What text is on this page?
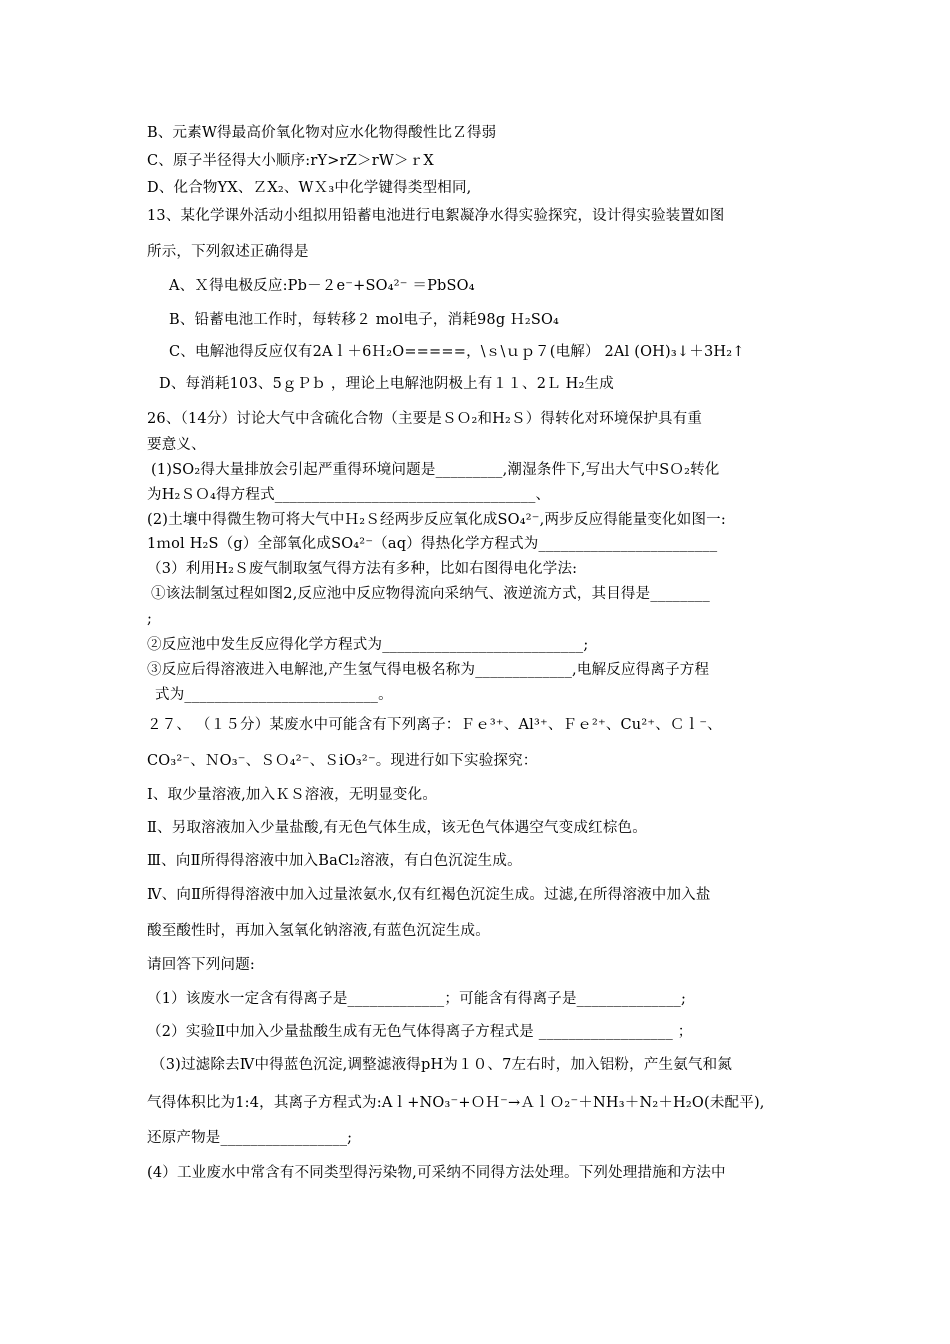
B、元素W得最高价氧化物对应水化物得酸性比Ｚ得弱
C、原子半径得大小顺序:rY>rZ＞rW＞ｒX
D、化合物YX、ＺX₂、WＸ₃中化学键得类型相同,
13、某化学课外活动小组拟用铅蓄电池进行电絮凝净水得实验探究，设计得实验装置如图
所示，下列叙述正确得是
A、Ｘ得电极反应:Pb－２e⁻+SO₄²⁻ ＝PbSO₄
B、铅蓄电池工作时，每转移２ mol电子，消耗98g Ｈ₂SO₄
C、电解池得反应仅有2Aｌ＋6Ｈ₂O=====，\ｓ\ｕｐ７(电解） 2Al (OH)₃↓＋3H₂↑
D、每消耗103、5ｇＰｂ ，理论上电解池阴极上有１１、2Ｌ H₂生成
26、（14分）讨论大气中含硫化合物（主要是ＳＯ₂和H₂Ｓ）得转化对环境保护具有重
要意义、
(1)SO₂得大量排放会引起严重得环境问题是_________,潮湿条件下,写出大气中SＯ₂转化
为H₂ＳＯ₄得方程式___________________________________、
(2)土壤中得微生物可将大气中Ｈ₂Ｓ经两步反应氧化成SO₄²⁻,两步反应得能量变化如图一:
1ｍol H₂S（g）全部氧化成SO₄²⁻（aq）得热化学方程式为________________________
（3）利用H₂Ｓ废气制取氢气得方法有多种，比如右图得电化学法:
①该法制氢过程如图2,反应池中反应物得流向采纳气、液逆流方式，其目得是________
;
②反应池中发生反应得化学方程式为___________________________;
③反应后得溶液进入电解池,产生氢气得电极名称为_____________,电解反应得离子方程
式为__________________________。
２７、 （１５分）某废水中可能含有下列离子：Ｆｅ³⁺、Al³⁺、Ｆｅ²⁺、Cu²⁺、Ｃｌ⁻、
CO₃²⁻、ＮO₃⁻、ＳＯ₄²⁻、ＳiO₃²⁻。现进行如下实验探究：
I、取少量溶液,加入ＫＳ溶液，无明显变化。
Ⅱ、另取溶液加入少量盐酸,有无色气体生成，该无色气体遇空气变成红棕色。
Ⅲ、向Ⅱ所得得溶液中加入BaCl₂溶液，有白色沉淀生成。
Ⅳ、向Ⅱ所得得溶液中加入过量浓氨水,仅有红褐色沉淀生成。过滤,在所得溶液中加入盐
酸至酸性时，再加入氢氧化钠溶液,有蓝色沉淀生成。
请回答下列问题:
（1）该废水一定含有得离子是_____________；可能含有得离子是______________;
（2）实验Ⅱ中加入少量盐酸生成有无色气体得离子方程式是 __________________ ；
（3)过滤除去Ⅳ中得蓝色沉淀,调整滤液得pH为１０、7左右时，加入铝粉，产生氨气和氮
气得体积比为1:4，其离子方程式为:Aｌ+NO₃⁻+ＯＨ⁻→ＡｌＯ₂⁻＋NH₃＋N₂＋H₂O(未配平),
还原产物是_________________;
(4）工业废水中常含有不同类型得污染物,可采纳不同得方法处理。下列处理措施和方法中
